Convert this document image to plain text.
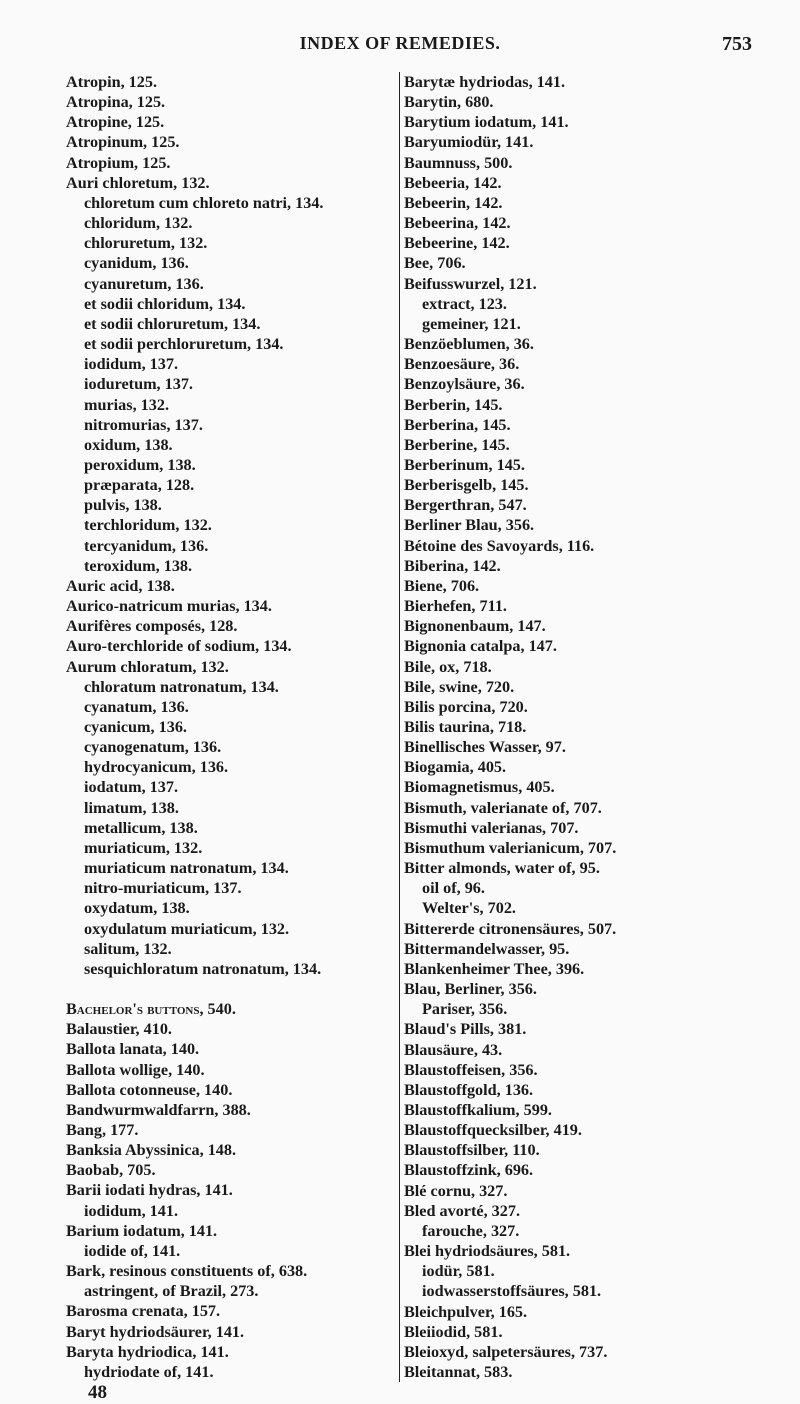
INDEX OF REMEDIES.	753
Atropin, 125.
Atropina, 125.
Atropine, 125.
Atropinum, 125.
Atropium, 125.
Auri chloretum, 132.
chloretum cum chloreto natri, 134.
chloridum, 132.
chloruretum, 132.
cyanidum, 136.
cyanuretum, 136.
et sodii chloridum, 134.
et sodii chloruretum, 134.
et sodii perchloruretum, 134.
iodidum, 137.
ioduretum, 137.
murias, 132.
nitromurias, 137.
oxidum, 138.
peroxidum, 138.
præparata, 128.
pulvis, 138.
terchloridum, 132.
tercyanidum, 136.
teroxidum, 138.
Auric acid, 138.
Aurico-natricum murias, 134.
Aurifères composés, 128.
Auro-terchloride of sodium, 134.
Aurum chloratum, 132.
chloratum natronatum, 134.
cyanatum, 136.
cyanicum, 136.
cyanogenatum, 136.
hydrocyanicum, 136.
iodatum, 137.
limatum, 138.
metallicum, 138.
muriaticum, 132.
muriaticum natronatum, 134.
nitro-muriaticum, 137.
oxydatum, 138.
oxydulatum muriaticum, 132.
salitum, 132.
sesquichloratum natronatum, 134.
Bachelor's buttons, 540.
Balaustier, 410.
Ballota lanata, 140.
Ballota wollige, 140.
Ballota cotonneuse, 140.
Bandwurmwaldfarrn, 388.
Bang, 177.
Banksia Abyssinica, 148.
Baobab, 705.
Barii iodati hydras, 141.
iodidum, 141.
Barium iodatum, 141.
iodide of, 141.
Bark, resinous constituents of, 638.
astringent, of Brazil, 273.
Barosma crenata, 157.
Baryt hydriodsäurer, 141.
Baryta hydriodica, 141.
hydriodate of, 141.
48
Barytæ hydriodas, 141.
Barytin, 680.
Barytium iodatum, 141.
Baryumiodür, 141.
Baumnuss, 500.
Bebeeria, 142.
Bebeerin, 142.
Bebeerina, 142.
Bebeerine, 142.
Bee, 706.
Beifusswurzel, 121.
extract, 123.
gemeiner, 121.
Benzöeblumen, 36.
Benzoesäure, 36.
Benzoylsäure, 36.
Berberin, 145.
Berberina, 145.
Berberine, 145.
Berberinum, 145.
Berberisgelb, 145.
Bergerthran, 547.
Berliner Blau, 356.
Bétoine des Savoyards, 116.
Biberina, 142.
Biene, 706.
Bierhefen, 711.
Bignonenbaum, 147.
Bignonia catalpa, 147.
Bile, ox, 718.
Bile, swine, 720.
Bilis porcina, 720.
Bilis taurina, 718.
Binellisches Wasser, 97.
Biogamia, 405.
Biomagnetismus, 405.
Bismuth, valerianate of, 707.
Bismuthi valerianas, 707.
Bismuthum valerianicum, 707.
Bitter almonds, water of, 95.
oil of, 96.
Welter's, 702.
Bittererde citronensäures, 507.
Bittermandelwasser, 95.
Blankenheimer Thee, 396.
Blau, Berliner, 356.
Pariser, 356.
Blaud's Pills, 381.
Blausäure, 43.
Blaustoffeisen, 356.
Blaustoffgold, 136.
Blaustoffkalium, 599.
Blaustoffquecksilber, 419.
Blaustoffsilber, 110.
Blaustoffzink, 696.
Blé cornu, 327.
Bled avorté, 327.
farouche, 327.
Blei hydriodsäures, 581.
iodür, 581.
iodwasserstoffsäures, 581.
Bleichpulver, 165.
Bleiiodid, 581.
Bleioxyd, salpetersäures, 737.
Bleitannat, 583.
